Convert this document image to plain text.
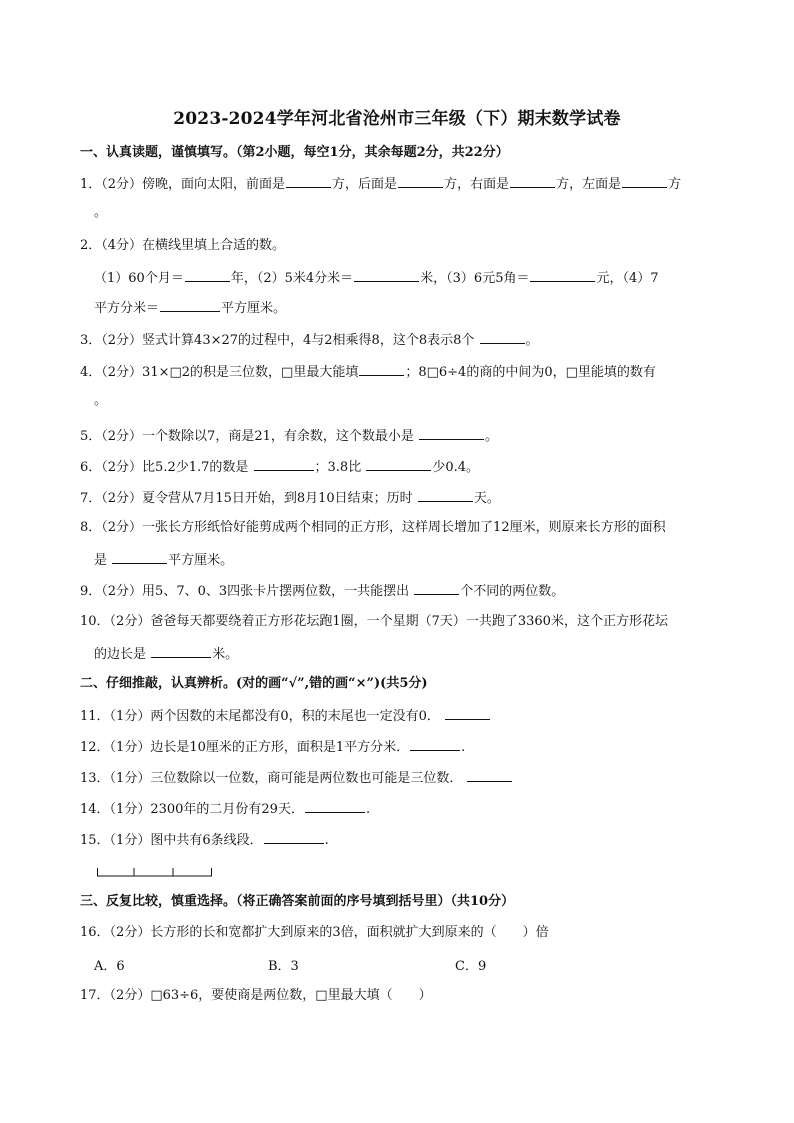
2023-2024学年河北省沧州市三年级（下）期末数学试卷
一、认真读题，谨慎填写。（第2小题，每空1分，其余每题2分，共22分）
1．（2分）傍晚，面向太阳，前面是	方，后面是	方，右面是	方，左面是	方
。
2．（4分）在横线里填上合适的数。
（1）60个月＝	年，（2）5米4分米＝	米，（3）6元5角＝	元，（4）7
平方分米＝	平方厘米。
3．（2分）竖式计算43×27的过程中，4与2相乘得8，这个8表示8个	。
4．（2分）31×□2的积是三位数，□里最大能填	；8□6÷4的商的中间为0，□里能填的数有
。
5．（2分）一个数除以7，商是21，有余数，这个数最小是	。
6．（2分）比5.2少1.7的数是	；3.8比	少0.4。
7．（2分）夏令营从7月15日开始，到8月10日结束；历时	天。
8．（2分）一张长方形纸恰好能剪成两个相同的正方形，这样周长增加了12厘米，则原来长方形的面积
是	平方厘米。
9．（2分）用5、7、0、3四张卡片摆两位数，一共能摆出	个不同的两位数。
10．（2分）爸爸每天都要绕着正方形花坛跑1圈，一个星期（7天）一共跑了3360米，这个正方形花坛
的边长是	米。
二、仔细推敲，认真辨析。(对的画“√”,错的画“×”)(共5分)
11．（1分）两个因数的末尾都没有0，积的末尾也一定没有0．
12．（1分）边长是10厘米的正方形，面积是1平方分米．	.
13．（1分）三位数除以一位数，商可能是两位数也可能是三位数．
14．（1分）2300年的二月份有29天．	.
15．（1分）图中共有6条线段．	.
三、反复比较，慎重选择。（将正确答案前面的序号填到括号里）（共10分）
16．（2分）长方形的长和宽都扩大到原来的3倍，面积就扩大到原来的（　　）倍
A．6	B．3	C．9
17．（2分）□63÷6，要使商是两位数，□里最大填（　　）
